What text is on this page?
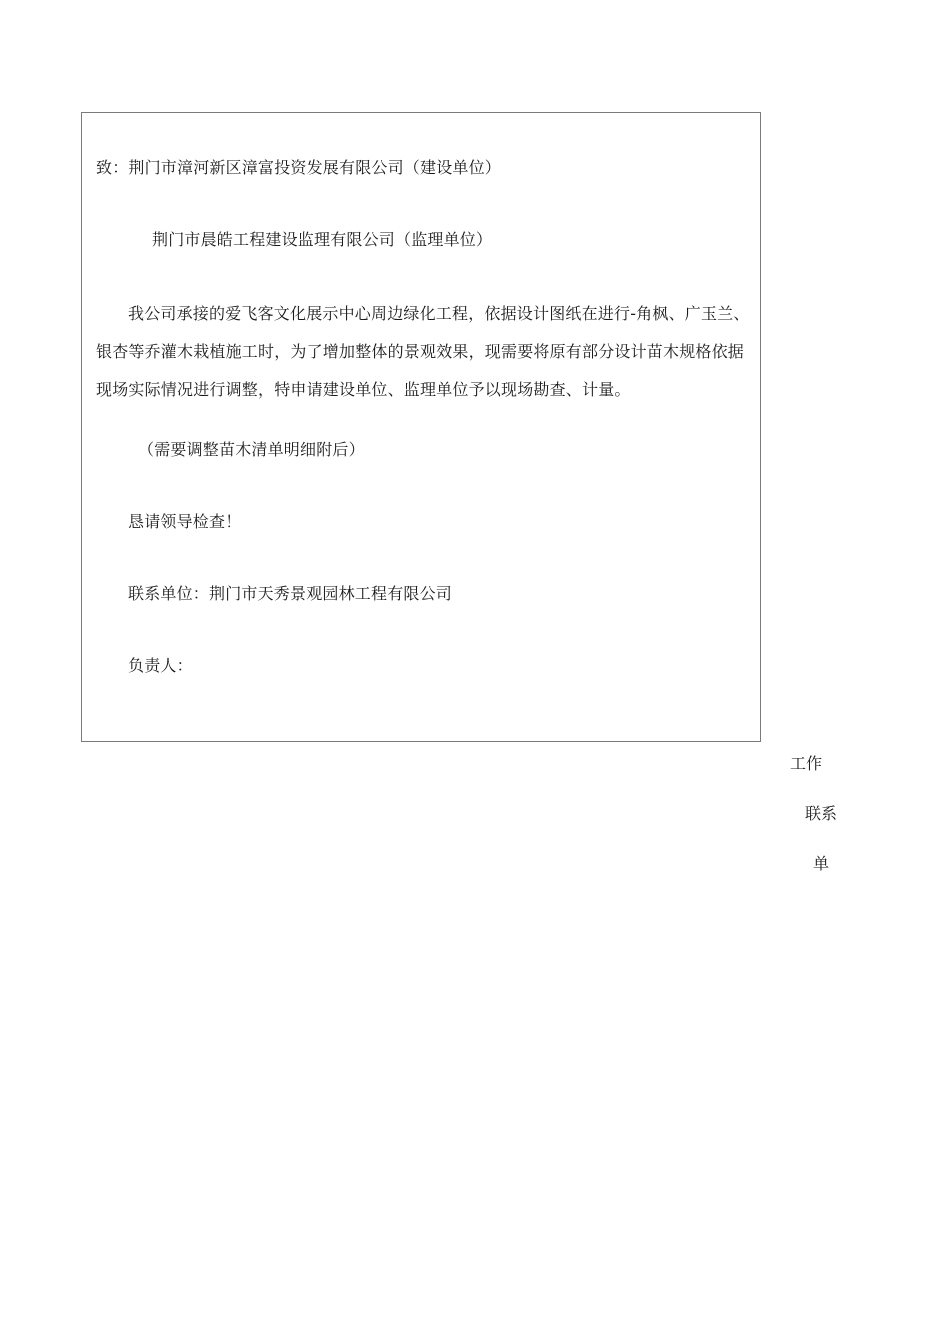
致：荆门市漳河新区漳富投资发展有限公司（建设单位）
荆门市晨皓工程建设监理有限公司（监理单位）
我公司承接的爱飞客文化展示中心周边绿化工程，依据设计图纸在进行-角枫、广玉兰、银杏等乔灌木栽植施工时，为了增加整体的景观效果，现需要将原有部分设计苗木规格依据现场实际情况进行调整，特申请建设单位、监理单位予以现场勘查、计量。
（需要调整苗木清单明细附后）
恳请领导检查！
联系单位：荆门市天秀景观园林工程有限公司
负责人：
工作
联系
单
